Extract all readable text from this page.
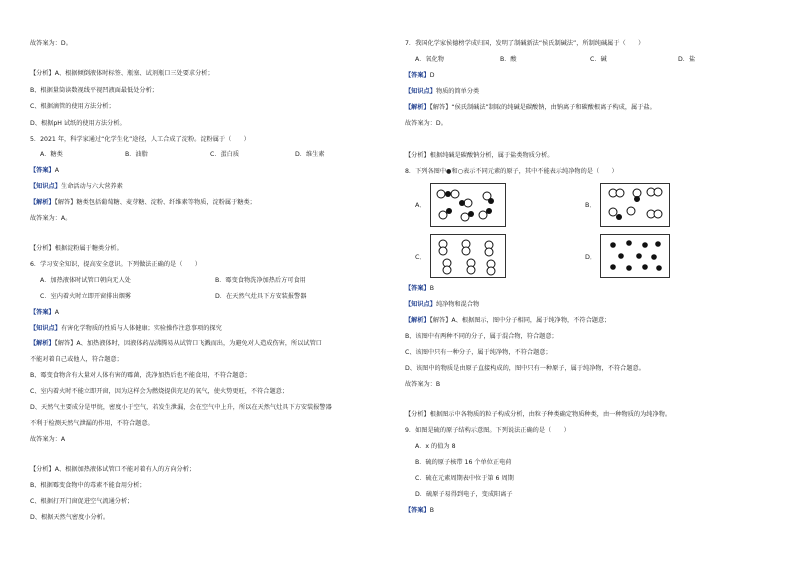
故答案为：D。
【分析】A、根据倾倒液体时标签、瓶塞、试剂瓶口三处要求分析；
B、根据量筒读数视线平视凹液面最低处分析；
C、根据滴管的使用方法分析；
D、根据pH 试纸的使用方法分析。
5．2021 年，科学家通过“化学生化”途径，人工合成了淀粉。淀粉属于（　　）
A．糖类	B．油脂	C．蛋白质	D．维生素
【答案】A
【知识点】生命活动与六大营养素
【解析】【解答】糖类包括葡萄糖、麦芽糖、淀粉、纤维素等物质，淀粉属于糖类；
故答案为：A。
【分析】根据淀粉属于糖类分析。
6．学习安全知识，提高安全意识。下列做法正确的是（　　）
A．加热液体时试管口朝向无人处	B．霉变食物洗净加热后方可食用
C．室内着火时立即开窗排出烟雾	D．在天然气灶具下方安装报警器
【答案】A
【知识点】有害化学物质的性质与人体健康；实验操作注意事项的探究
【解析】【解答】A、加热液体时，因液体药品沸腾易从试管口飞溅而出，为避免对人造成伤害，所以试管口
不能对着自己或他人，符合题意；
B、霉变食物含有大量对人体有害的霉菌，洗净加热后也不能食用，不符合题意；
C、室内着火时不能立即开窗，因为这样会为燃烧提供充足的氧气，使火势更旺，不符合题意；
D、天然气主要成分是甲烷，密度小于空气，若发生泄漏，会在空气中上升，所以在天然气灶具下方安装报警器
不利于检测天然气泄漏的作用，不符合题意。
故答案为：A
【分析】A、根据加热液体试管口不能对着有人的方向分析；
B、根据霉变食物中的毒素不能食用分析；
C、根据打开门窗促进空气流通分析；
D、根据天然气密度小分析。
7．我国化学家侯德榜学成归国，发明了制碱新法“侯氏制碱法”，所制纯碱属于（　　）
A．氧化物	B．酸	C．碱	D．盐
【答案】D
【知识点】物质的简单分类
【解析】【解答】“侯氏制碱法”制取的纯碱是碳酸钠，由钠离子和碳酸根离子构成，属于盐。
故答案为：D。
【分析】根据纯碱是碳酸钠分析，属于盐类物质分析。
8．下列各图中●和○表示不同元素的原子，其中不能表示纯净物的是（　　）
A．	B．
C．	D．
【答案】B
【知识点】纯净物和混合物
【解析】【解答】A、根据图示，图中分子相同，属于纯净物，不符合题意；
B、该图中有两种不同的分子，属于混合物，符合题意；
C、该图中只有一种分子，属于纯净物，不符合题意；
D、该图中的物质是由原子直接构成的，图中只有一种原子，属于纯净物，不符合题意。
故答案为：B
【分析】根据图示中各物质的粒子构成分析，由粒子种类确定物质种类，由一种物质的为纯净物。
9．如图是硫的原子结构示意图。下列说法正确的是（　　）
A．x 的值为 8
B．硫的原子核带 16 个单位正电荷
C．硫在元素周期表中位于第 6 周期
D．硫原子易得到电子，变成阳离子
【答案】B
